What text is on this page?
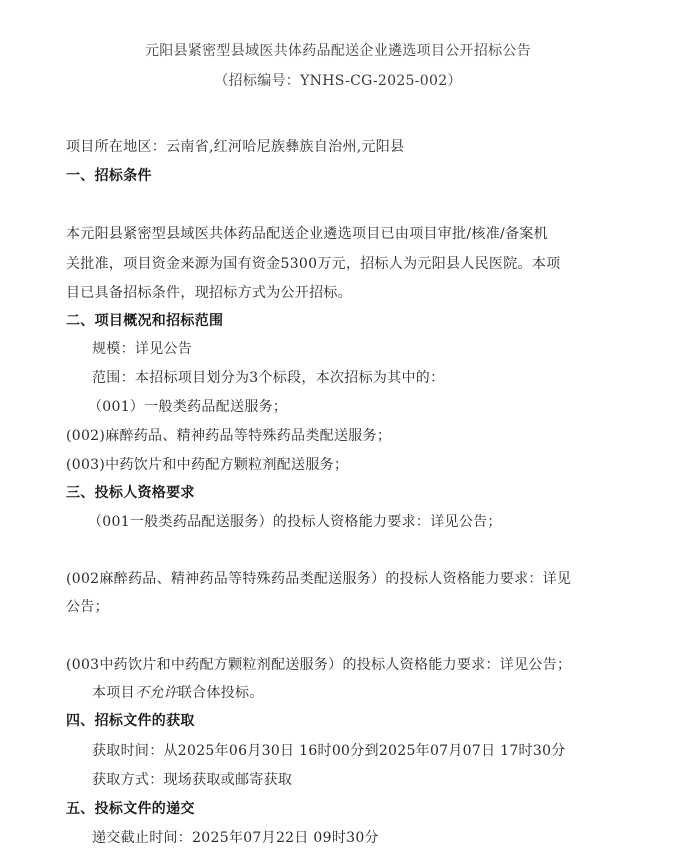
元阳县紧密型县域医共体药品配送企业遴选项目公开招标公告
（招标编号：YNHS-CG-2025-002）
项目所在地区：云南省,红河哈尼族彝族自治州,元阳县
一、招标条件
本元阳县紧密型县域医共体药品配送企业遴选项目已由项目审批/核准/备案机
关批准，项目资金来源为国有资金5300万元，招标人为元阳县人民医院。本项
目已具备招标条件，现招标方式为公开招标。
二、项目概况和招标范围
规模：详见公告
范围：本招标项目划分为3个标段，本次招标为其中的：
（001）一般类药品配送服务；
(002)麻醉药品、精神药品等特殊药品类配送服务；
(003)中药饮片和中药配方颗粒剂配送服务；
三、投标人资格要求
（001一般类药品配送服务）的投标人资格能力要求：详见公告；
(002麻醉药品、精神药品等特殊药品类配送服务）的投标人资格能力要求：详见
公告；
(003中药饮片和中药配方颗粒剂配送服务）的投标人资格能力要求：详见公告；
本项目不允许联合体投标。
四、招标文件的获取
获取时间：从2025年06月30日 16时00分到2025年07月07日 17时30分
获取方式：现场获取或邮寄获取
五、投标文件的递交
递交截止时间：2025年07月22日 09时30分
